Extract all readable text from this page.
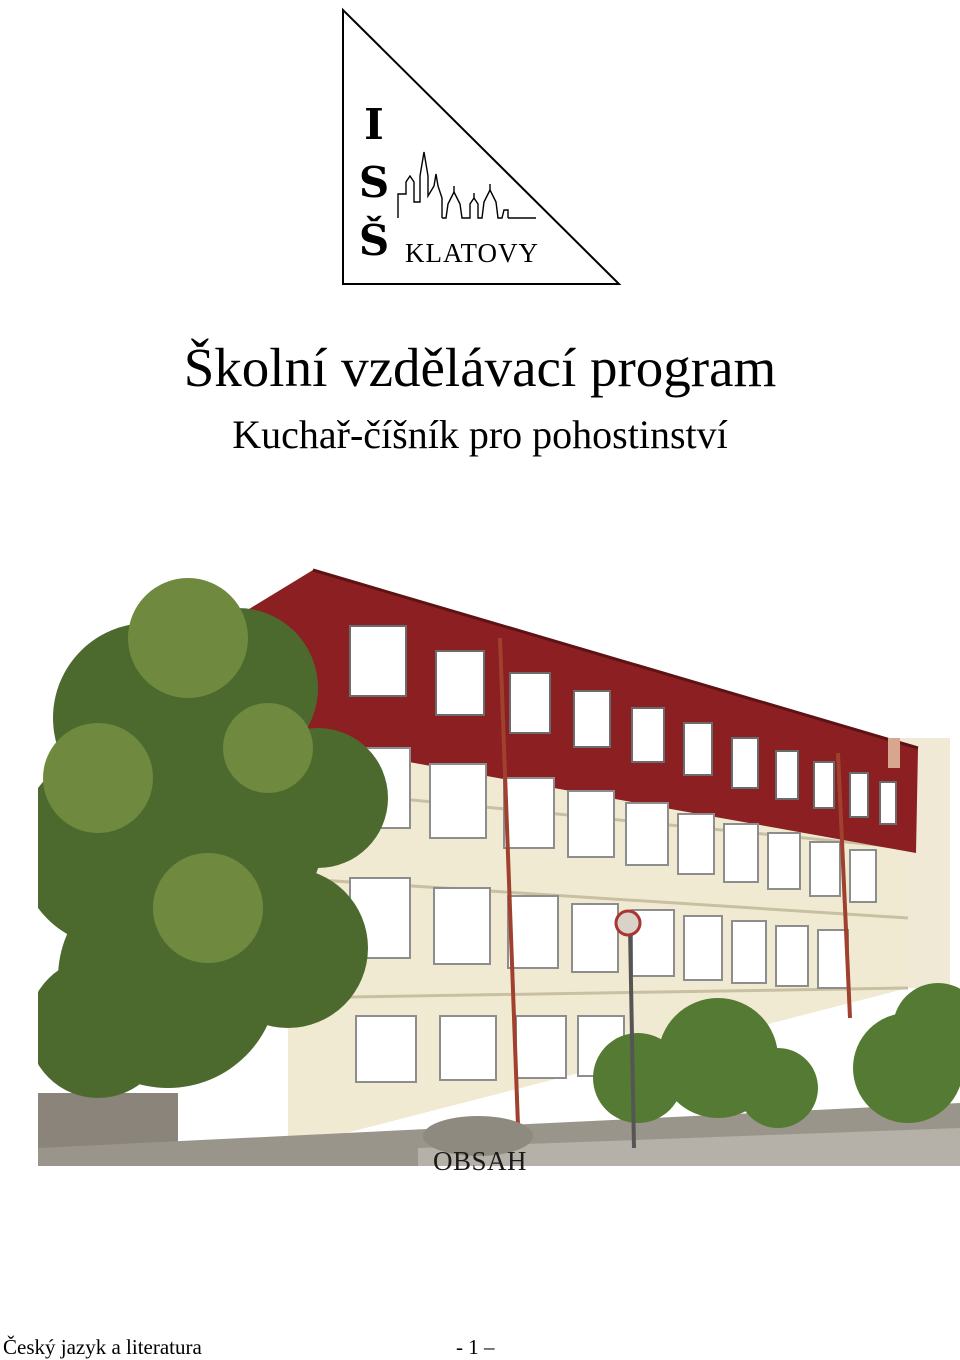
I
S
Š KLATOVY
Školní vzdělávací program
Kuchař-číšník pro pohostinství
OBSAH
Český jazyk a literatura	- 1 –
